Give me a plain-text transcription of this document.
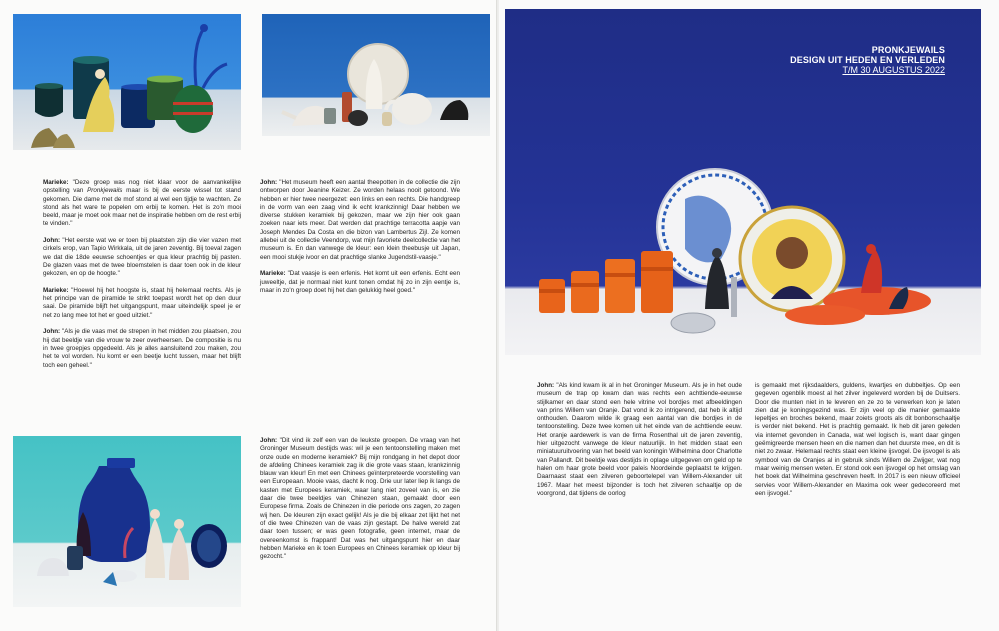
Marieke: "Deze groep was nog niet klaar voor de aanvankelijke opstelling van Pronkjewails maar is bij de eerste wissel tot stand gekomen. Die dame met de mof stond al wel een tijdje te wachten. Ze stond als het ware te popelen om erbij te komen. Het is zo'n mooi beeld, maar je moet ook maar net de inspiratie hebben om de rest erbij te vinden."

John: "Het eerste wat we er toen bij plaatsten zijn die vier vazen met cirkels erop, van Tapio Wirkkala, uit de jaren zeventig. Bij toeval zagen we dat die 18de eeuwse schoentjes er qua kleur prachtig bij pasten. De glazen vaas met de twee bloemstelen is daar toen ook in de kleur gekozen, en op de hoogte."

Marieke: "Hoewel hij het hoogste is, staat hij helemaal rechts. Als je het principe van de piramide te strikt toepast wordt het op den duur saai. De piramide blijft het uitgangspunt, maar uiteindelijk speel je er net zo lang mee tot het er goed uitziet."

John: "Als je die vaas met de strepen in het midden zou plaatsen, zou hij dat beeldje van die vrouw te zeer overheersen. De compositie is nu in twee groepjes opgedeeld. Als je alles aansluitend zou maken, zou het te vol worden. Nu komt er een beetje lucht tussen, maar het blijft toch een geheel."

John: "Het museum heeft een aantal theepotten in de collectie die zijn ontworpen door Jeanine Keizer. Ze worden helaas nooit getoond. We hebben er hier twee neergezet: een links en een rechts. Die handgreep in de vorm van een zaag vind ik echt krankzinnig! Daar hebben we diverse stukken keramiek bij gekozen, maar we zijn hier ook gaan zoeken naar iets meer. Dat werden dat prachtige terracotta aapje van Joseph Mendes Da Costa en die bizon van Lambertus Zijl. Ze komen allebei uit de collectie Veendorp, wat mijn favoriete deelcollectie van het museum is. En dan vanwege de kleur: een klein theebusje uit Japan, een mooi stukje ivoor en dat prachtige slanke Jugendstil-vaasje."

Marieke: "Dat vaasje is een erfenis. Het komt uit een erfenis. Echt een juweeltje, dat je normaal niet kunt tonen omdat hij zo in zijn eentje is, maar in zo'n groep doet hij het dan gelukkig heel goed."

John: "Dit vind ik zelf een van de leukste groepen. De vraag van het Groninger Museum destijds was: wil je een tentoonstelling maken met onze oude en moderne keramiek? Bij mijn rondgang in het depot door de afdeling Chinees keramiek zag ik die grote vaas staan, krankzinnig blauw van kleur! En met een Chinees geïnterpreteerde voorstelling van een Europeaan. Mooie vaas, dacht ik nog. Drie uur later liep ik langs de kasten met Europees keramiek, waar lang niet zoveel van is, en zie daar die twee beeldjes van Chinezen staan, gemaakt door een Europese firma. Zoals de Chinezen in die periode ons zagen, zo zagen wij hen. De kleuren zijn exact gelijk! Als je die bij elkaar zet lijkt het net of die twee Chinezen van de vaas zijn gestapt. De halve wereld zat daar toen tussen; er was geen fotografie, geen internet, maar de overeenkomst is frappant! Dat was het uitgangspunt hier en daar hebben Marieke en ik toen Europees en Chinees keramiek op kleur bij gezocht."

PRONKJEWAILS
DESIGN UIT HEDEN EN VERLEDEN
T/M 30 AUGUSTUS 2022

John: "Als kind kwam ik al in het Groninger Museum. Als je in het oude museum de trap op kwam dan was rechts een achttiende-eeuwse stijlkamer en daar stond een hele vitrine vol bordjes met afbeeldingen van prins Willem van Oranje. Dat vond ik zo intrigerend, dat heb ik altijd onthouden. Daarom wilde ik graag een aantal van die bordjes in de tentoonstelling. Deze twee komen uit het einde van de achttiende eeuw. Het oranje aardewerk is van de firma Rosenthal uit de jaren zeventig, hier uitgezocht vanwege de kleur natuurlijk. In het midden staat een miniatuuruitvoering van het beeld van koningin Wilhelmina door Charlotte van Pallandt. Dit beeldje was destijds in oplage uitgegeven om geld op te halen om haar grote beeld voor paleis Noordeinde geplaatst te krijgen. Daarnaast staat een zilveren geboortelepel van Willem-Alexander uit 1967. Maar het meest bijzonder is toch het zilveren schaaltje op de voorgrond, dat tijdens de oorlog

is gemaakt met rijksdaalders, guldens, kwartjes en dubbeltjes. Op een gegeven ogenblik moest al het zilver ingeleverd worden bij de Duitsers. Door die munten niet in te leveren en ze zo te verwerken kon je laten zien dat je koningsgezind was. Er zijn veel op die manier gemaakte lepeltjes en broches bekend, maar zoiets groots als dit bonbonschaaltje is verder niet bekend. Het is prachtig gemaakt. Ik heb dit jaren geleden via internet gevonden in Canada, wat wel logisch is, want daar gingen geëmigreerde mensen heen en die namen dan het duurste mee, en dit is niet zo zwaar. Helemaal rechts staat een kleine ijsvogel. De ijsvogel is als symbool van de Oranjes al in gebruik sinds Willem de Zwijger, wat nog maar weinig mensen weten. Er stond ook een ijsvogel op het omslag van het boek dat Wilhelmina geschreven heeft. In 2017 is een nieuw officieel servies voor Willem-Alexander en Maxima ook weer gedecoreerd met een ijsvogel."
